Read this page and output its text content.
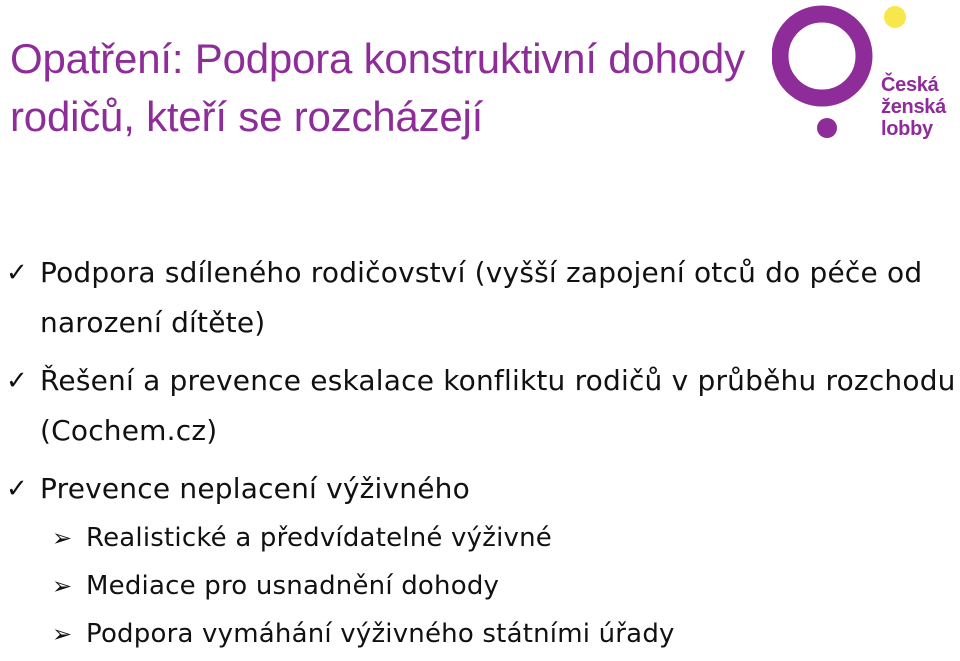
Opatření: Podpora konstruktivní dohody rodičů, kteří se rozcházejí
Česká ženská lobby
✓ Podpora sdíleného rodičovství (vyšší zapojení otců do péče od narození dítěte)
✓ Řešení a prevence eskalace konfliktu rodičů v průběhu rozchodu (Cochem.cz)
✓ Prevence neplacení výživného
➢ Realistické a předvídatelné výživné
➢ Mediace pro usnadnění dohody
➢ Podpora vymáhání výživného státními úřady
